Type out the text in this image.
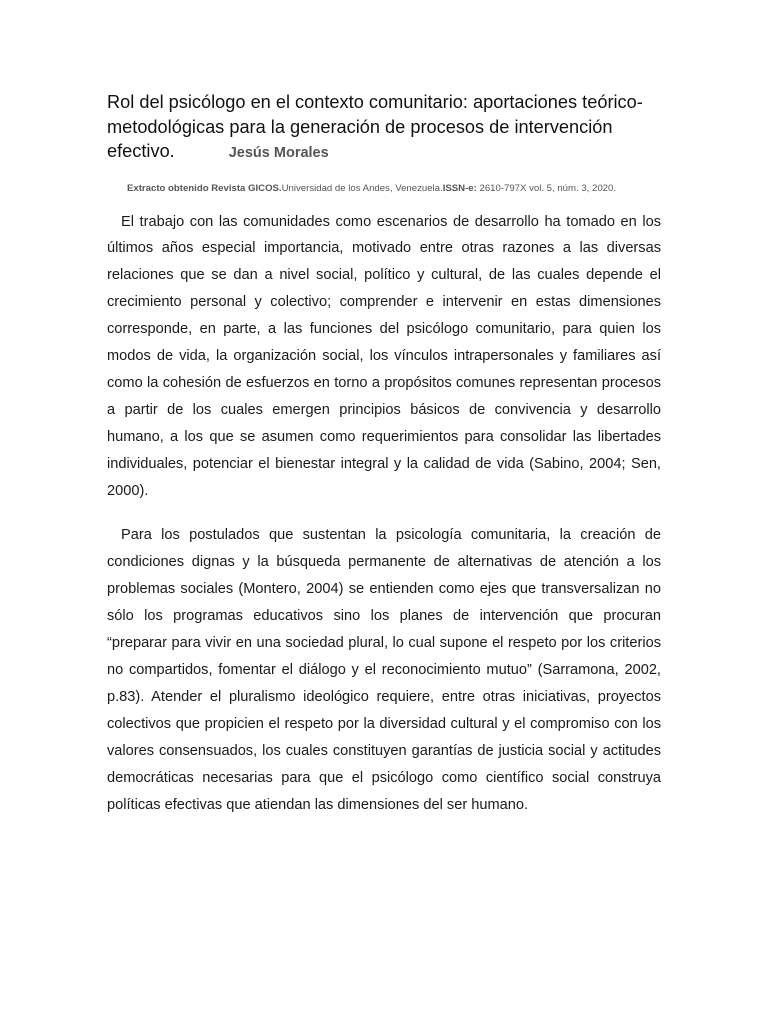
Rol del psicólogo en el contexto comunitario: aportaciones teórico-metodológicas para la generación de procesos de intervención efectivo.	Jesús Morales
Extracto obtenido Revista GICOS.Universidad de los Andes, Venezuela.ISSN-e: 2610-797X vol. 5, núm. 3, 2020.

El trabajo con las comunidades como escenarios de desarrollo ha tomado en los últimos años especial importancia, motivado entre otras razones a las diversas relaciones que se dan a nivel social, político y cultural, de las cuales depende el crecimiento personal y colectivo; comprender e intervenir en estas dimensiones corresponde, en parte, a las funciones del psicólogo comunitario, para quien los modos de vida, la organización social, los vínculos intrapersonales y familiares así como la cohesión de esfuerzos en torno a propósitos comunes representan procesos a partir de los cuales emergen principios básicos de convivencia y desarrollo humano, a los que se asumen como requerimientos para consolidar las libertades individuales, potenciar el bienestar integral y la calidad de vida (Sabino, 2004; Sen, 2000).

Para los postulados que sustentan la psicología comunitaria, la creación de condiciones dignas y la búsqueda permanente de alternativas de atención a los problemas sociales (Montero, 2004) se entienden como ejes que transversalizan no sólo los programas educativos sino los planes de intervención que procuran “preparar para vivir en una sociedad plural, lo cual supone el respeto por los criterios no compartidos, fomentar el diálogo y el reconocimiento mutuo” (Sarramona, 2002, p.83). Atender el pluralismo ideológico requiere, entre otras iniciativas, proyectos colectivos que propicien el respeto por la diversidad cultural y el compromiso con los valores consensuados, los cuales constituyen garantías de justicia social y actitudes democráticas necesarias para que el psicólogo como científico social construya políticas efectivas que atiendan las dimensiones del ser humano.
